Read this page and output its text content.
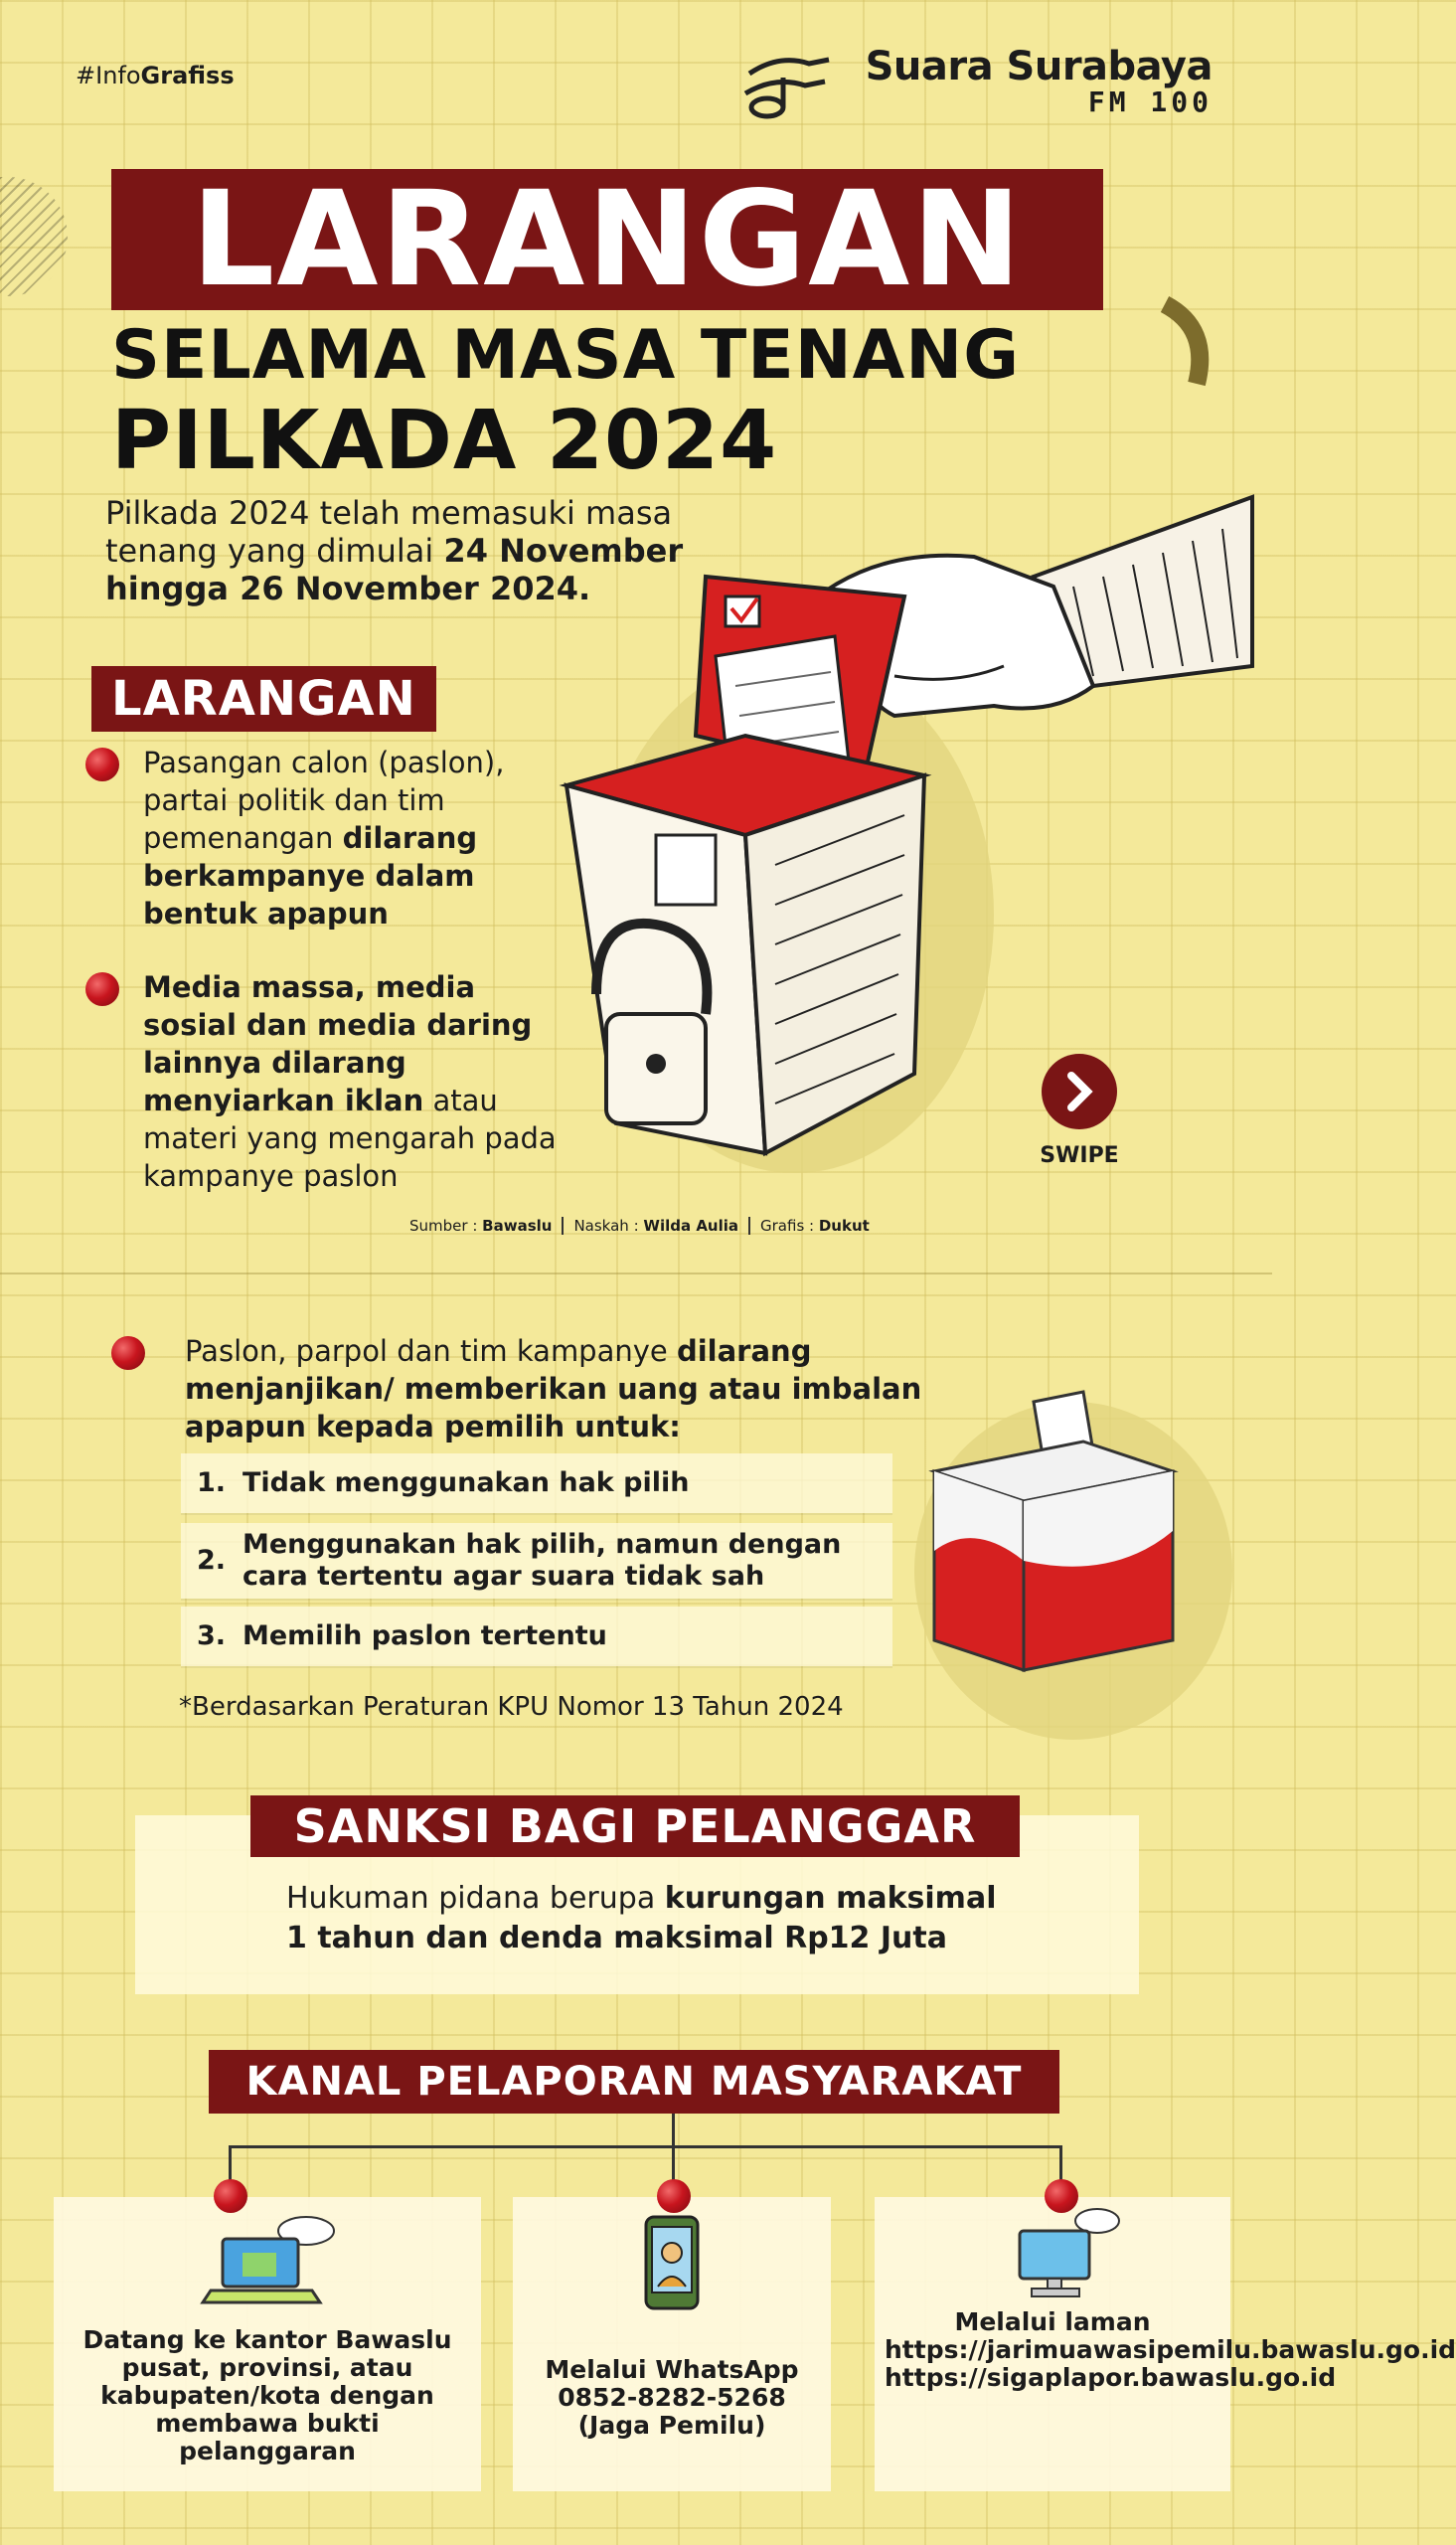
#InfoGrafiss	Suara Surabaya
FM 100
LARANGAN
SELAMA MASA TENANG
PILKADA 2024
Pilkada 2024 telah memasuki masa tenang yang dimulai 24 November hingga 26 November 2024.
LARANGAN
Pasangan calon (paslon), partai politik dan tim pemenangan dilarang berkampanye dalam bentuk apapun
Media massa, media sosial dan media daring lainnya dilarang menyiarkan iklan atau materi yang mengarah pada kampanye paslon
SWIPE
Sumber : Bawaslu	Naskah : Wilda Aulia	Grafis : Dukut
Paslon, parpol dan tim kampanye dilarang menjanjikan/ memberikan uang atau imbalan apapun kepada pemilih untuk:
1. Tidak menggunakan hak pilih
2.
Menggunakan hak pilih, namun dengan cara tertentu agar suara tidak sah
3. Memilih paslon tertentu
*Berdasarkan Peraturan KPU Nomor 13 Tahun 2024
SANKSI BAGI PELANGGAR
Hukuman pidana berupa kurungan maksimal 1 tahun dan denda maksimal Rp12 Juta
KANAL PELAPORAN MASYARAKAT
Datang ke kantor Bawaslu pusat, provinsi, atau kabupaten/kota dengan membawa bukti pelanggaran
Melalui WhatsApp 0852-8282-5268 (Jaga Pemilu)
Melalui laman https://jarimuawasipemilu.bawaslu.go.id https://sigaplapor.bawaslu.go.id
